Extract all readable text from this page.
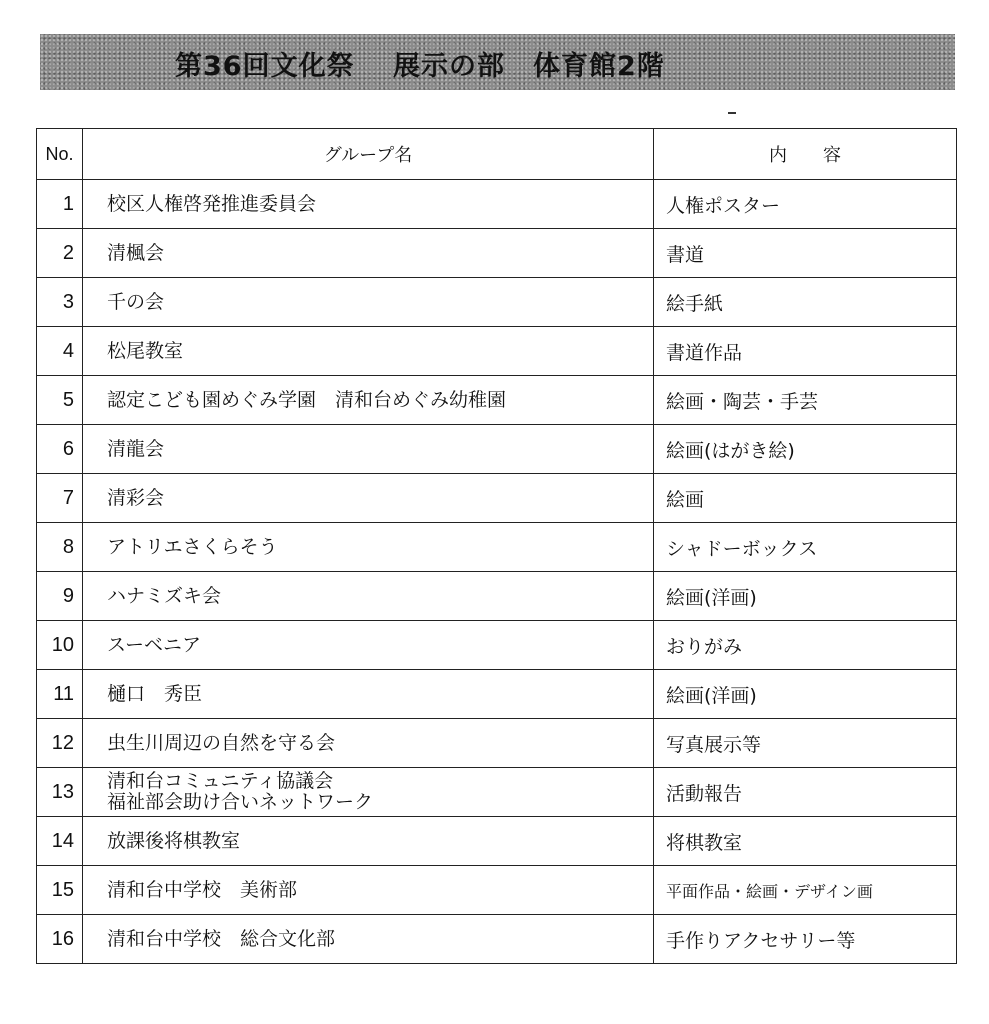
第36回文化祭　 展示の部　体育館2階
No.	グループ名	内 容
1	校区人権啓発推進委員会	人権ポスター
2	清楓会	書道
3	千の会	絵手紙
4	松尾教室	書道作品
5	認定こども園めぐみ学園　清和台めぐみ幼稚園	絵画・陶芸・手芸
6	清龍会	絵画(はがき絵)
7	清彩会	絵画
8	アトリエさくらそう	シャドーボックス
9	ハナミズキ会	絵画(洋画)
10	スーベニア	おりがみ
11	樋口　秀臣	絵画(洋画)
12	虫生川周辺の自然を守る会	写真展示等
13	清和台コミュニティ協議会
福祉部会助け合いネットワーク	活動報告
14	放課後将棋教室	将棋教室
15	清和台中学校　美術部	平面作品・絵画・デザイン画
16	清和台中学校　総合文化部	手作りアクセサリー等
